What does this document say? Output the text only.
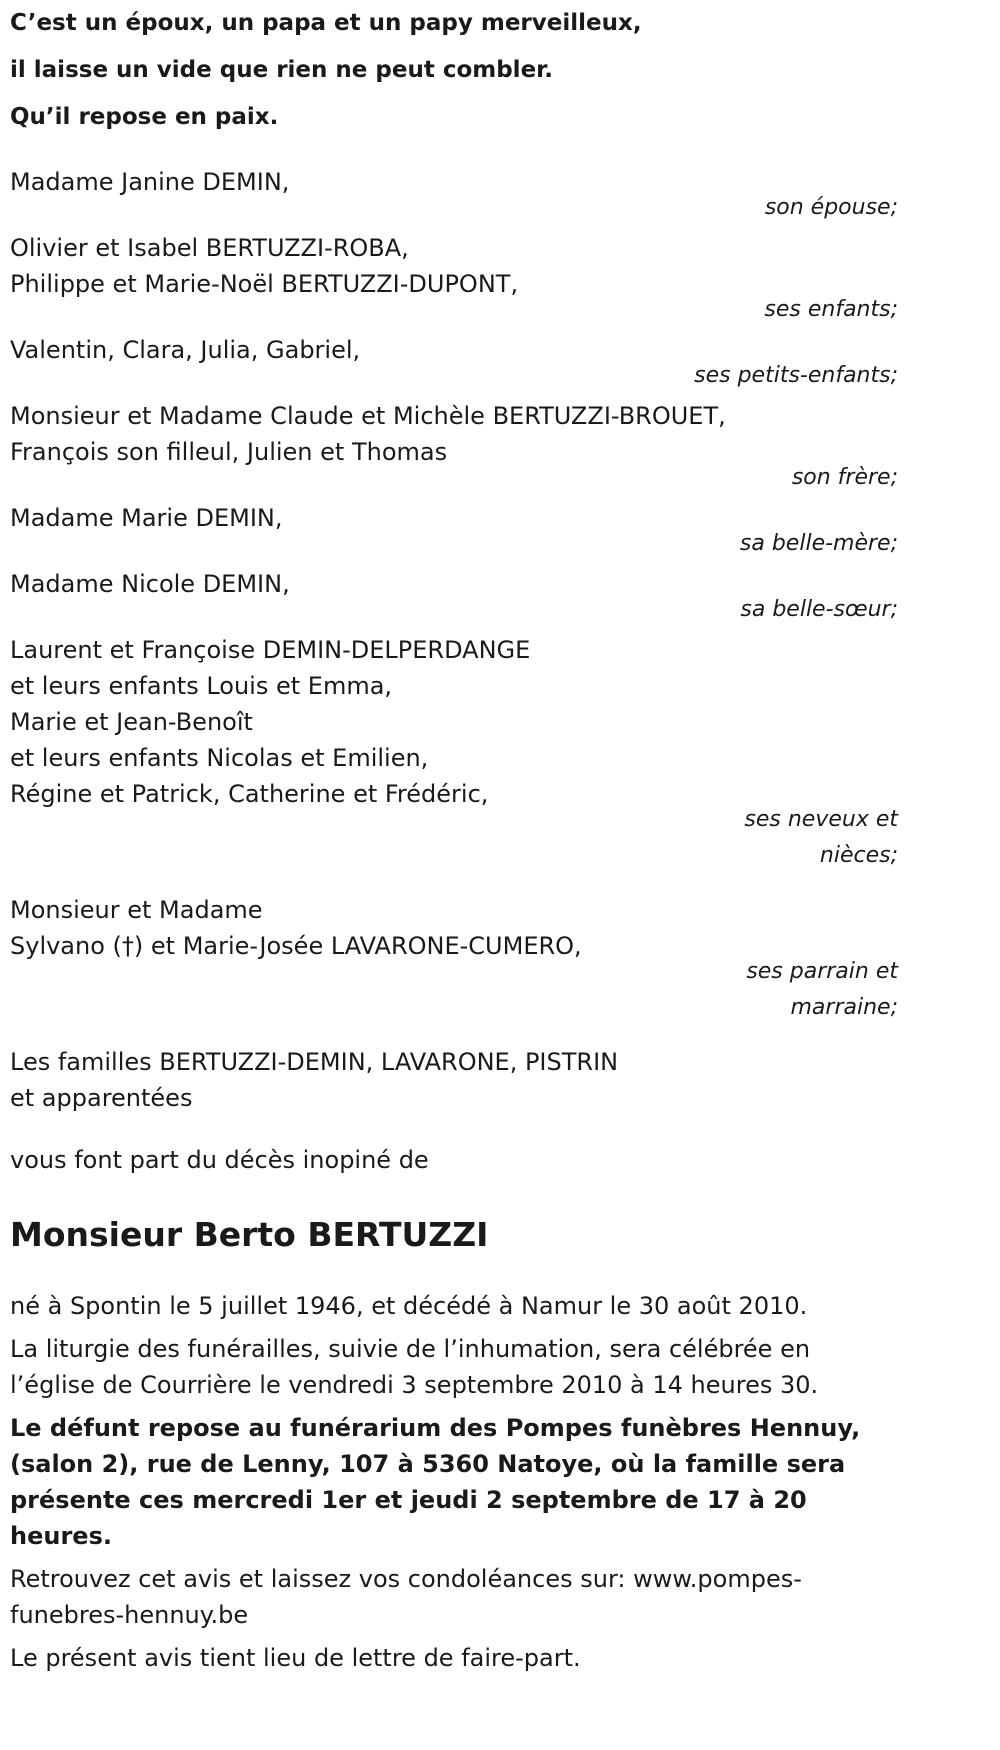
C’est un époux, un papa et un papy merveilleux,

il laisse un vide que rien ne peut combler.

Qu’il repose en paix.

Madame Janine DEMIN,
son épouse;
Olivier et Isabel BERTUZZI-ROBA,
Philippe et Marie-Noël BERTUZZI-DUPONT,
ses enfants;
Valentin, Clara, Julia, Gabriel,
ses petits-enfants;
Monsieur et Madame Claude et Michèle BERTUZZI-BROUET,
François son filleul, Julien et Thomas
son frère;
Madame Marie DEMIN,
sa belle-mère;
Madame Nicole DEMIN,
sa belle-sœur;
Laurent et Françoise DEMIN-DELPERDANGE
et leurs enfants Louis et Emma,
Marie et Jean-Benoît
et leurs enfants Nicolas et Emilien,
Régine et Patrick, Catherine et Frédéric,
ses neveux et
nièces;
Monsieur et Madame
Sylvano (†) et Marie-Josée LAVARONE-CUMERO,
ses parrain et
marraine;
Les familles BERTUZZI-DEMIN, LAVARONE, PISTRIN
et apparentées
vous font part du décès inopiné de
Monsieur Berto BERTUZZI

né à Spontin le 5 juillet 1946, et décédé à Namur le 30 août 2010.

La liturgie des funérailles, suivie de l’inhumation, sera célébrée en l’église de Courrière le vendredi 3 septembre 2010 à 14 heures 30.

Le défunt repose au funérarium des Pompes funèbres Hennuy, (salon 2), rue de Lenny, 107 à 5360 Natoye, où la famille sera présente ces mercredi 1er et jeudi 2 septembre de 17 à 20 heures.

Retrouvez cet avis et laissez vos condoléances sur: www.pompes-funebres-hennuy.be

Le présent avis tient lieu de lettre de faire-part.
